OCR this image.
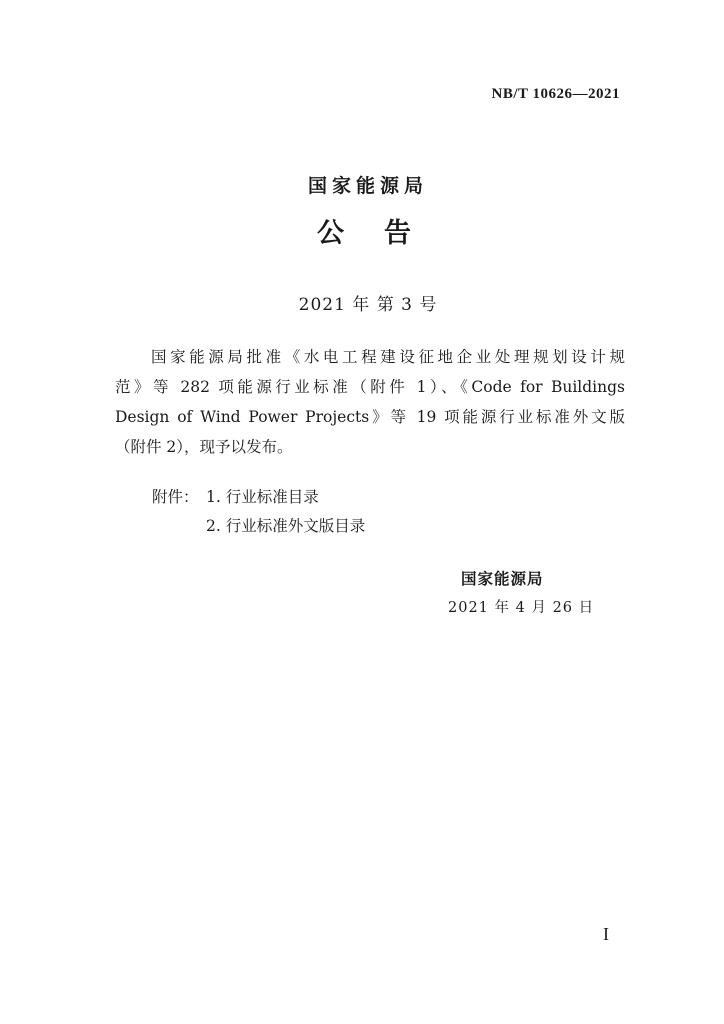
NB/T 10626—2021
国家能源局
公告
2021 年 第 3 号
国家能源局批准《水电工程建设征地企业处理规划设计规
范》等 282 项能源行业标准（附件 1）、《Code for Buildings
Design of Wind Power Projects》等 19 项能源行业标准外文版
（附件 2），现予以发布。
附件： 1. 行业标准目录
2. 行业标准外文版目录
国家能源局
2021 年 4 月 26 日
I
